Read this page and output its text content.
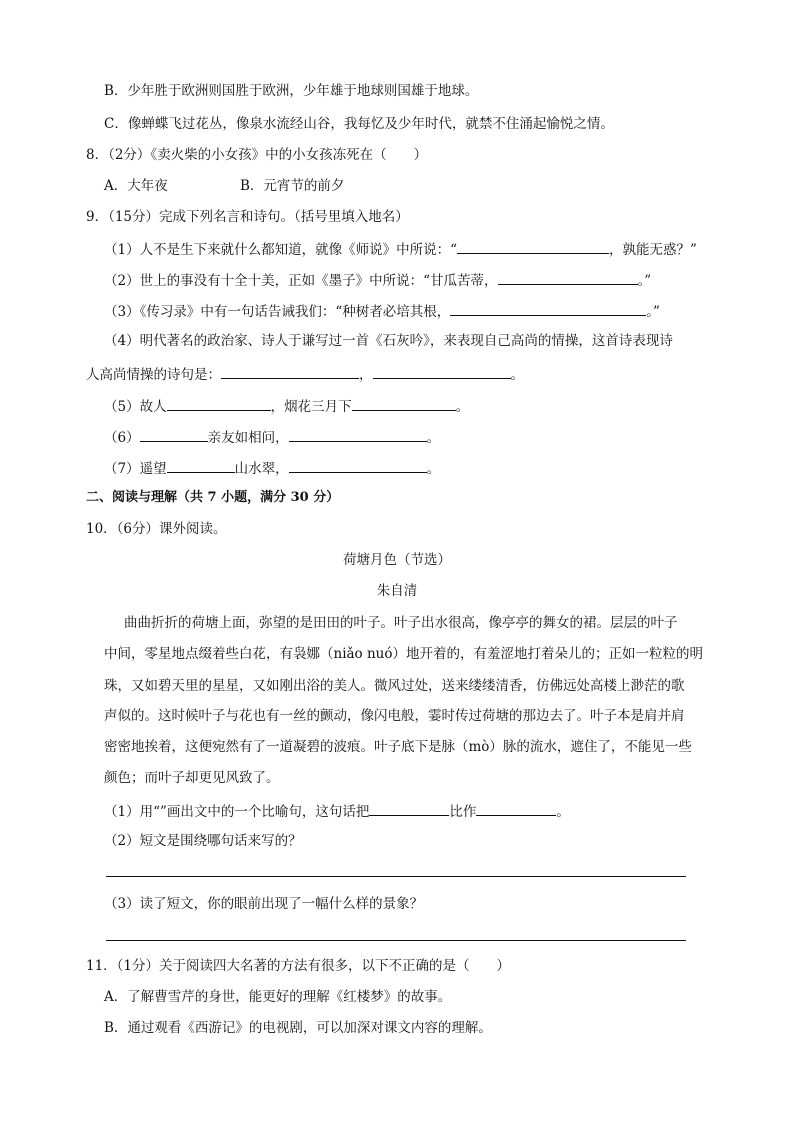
B．少年胜于欧洲则国胜于欧洲，少年雄于地球则国雄于地球。
C．像蝉蝶飞过花丛，像泉水流经山谷，我每忆及少年时代，就禁不住涌起愉悦之情。
8．（2分）《卖火柴的小女孩》中的小女孩冻死在（　　）
A．大年夜	B．元宵节的前夕
9．（15分）完成下列名言和诗句。（括号里填入地名）
（1）人不是生下来就什么都知道，就像《师说》中所说：“	，孰能无惑？”
（2）世上的事没有十全十美，正如《墨子》中所说：“甘瓜苦蒂，	。”
（3）《传习录》中有一句话告诫我们：“种树者必培其根，	。”
（4）明代著名的政治家、诗人于谦写过一首《石灰吟》，来表现自己高尚的情操，这首诗表现诗
人高尚情操的诗句是：	，	。
（5）故人	，烟花三月下	。
（6）	亲友如相问，	。
（7）遥望	山水翠，	。
二、阅读与理解（共 7 小题，满分 30 分）
10．（6分）课外阅读。
荷塘月色（节选）
朱自清
曲曲折折的荷塘上面，弥望的是田田的叶子。叶子出水很高，像亭亭的舞女的裙。层层的叶子
中间，零星地点缀着些白花，有袅娜（niǎo nuó）地开着的，有羞涩地打着朵儿的；正如一粒粒的明
珠，又如碧天里的星星，又如刚出浴的美人。微风过处，送来缕缕清香，仿佛远处高楼上渺茫的歌
声似的。这时候叶子与花也有一丝的颤动，像闪电般，霎时传过荷塘的那边去了。叶子本是肩并肩
密密地挨着，这便宛然有了一道凝碧的波痕。叶子底下是脉（mò）脉的流水，遮住了，不能见一些
颜色；而叶子却更见风致了。
（1）用“”画出文中的一个比喻句，这句话把	比作	。
（2）短文是围绕哪句话来写的？
（3）读了短文，你的眼前出现了一幅什么样的景象？
11．（1分）关于阅读四大名著的方法有很多，以下不正确的是（　　）
A．了解曹雪芹的身世，能更好的理解《红楼梦》的故事。
B．通过观看《西游记》的电视剧，可以加深对课文内容的理解。
